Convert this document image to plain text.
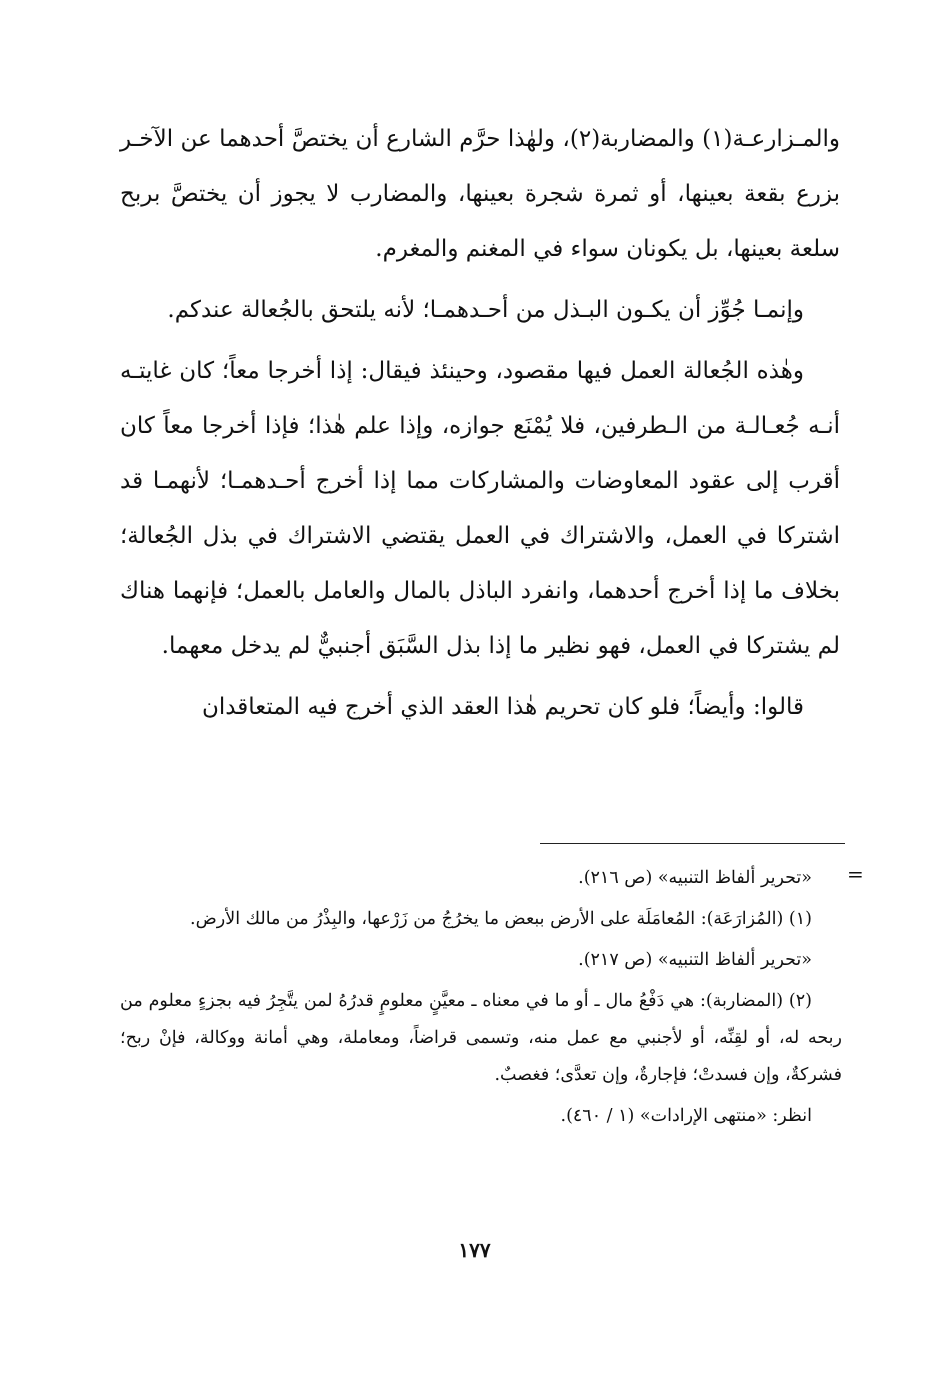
والمـزارعـة(١) والمضاربة(٢)، ولهٰذا حرَّم الشارع أن يختصَّ أحدهما عن الآخـر بزرع بقعة بعينها، أو ثمرة شجرة بعينها، والمضارب لا يجوز أن يختصَّ بربح سلعة بعينها، بل يكونان سواء في المغنم والمغرم.

وإنمـا جُوِّز أن يكـون البـذل من أحـدهمـا؛ لأنه يلتحق بالجُعالة عندكم.

وهٰذه الجُعالة العمل فيها مقصود، وحينئذ فيقال: إذا أخرجا معاً؛ كان غايتـه أنـه جُعـالـة من الـطرفين، فلا يُمْنَع جوازه، وإذا علم هٰذا؛ فإذا أخرجا معاً كان أقرب إلى عقود المعاوضات والمشاركات مما إذا أخرج أحـدهمـا؛ لأنهمـا قد اشتركا في العمل، والاشتراك في العمل يقتضي الاشتراك في بذل الجُعالة؛ بخلاف ما إذا أخرج أحدهما، وانفرد الباذل بالمال والعامل بالعمل؛ فإنهما هناك لم يشتركا في العمل، فهو نظير ما إذا بذل السَّبَق أجنبيٌّ لم يدخل معهما.

قالوا: وأيضاً؛ فلو كان تحريم هٰذا العقد الذي أخرج فيه المتعاقدان

=

«تحرير ألفاظ التنبيه» (ص ٢١٦).

(١) (المُزارَعَة): المُعامَلَة على الأرض ببعض ما يخرُجُ من زَرْعها، والبِذْرُ من مالك الأرض.

«تحرير ألفاظ التنبيه» (ص ٢١٧).

(٢) (المضاربة): هي دَفْعُ مال ـ أو ما في معناه ـ معيَّنٍ معلومٍ قدرُهُ لمن يتَّجِرُ فيه بجزءٍ معلوم من ربحه له، أو لقِنِّه، أو لأجنبي مع عمل منه، وتسمى قراضاً، ومعاملة، وهي أمانة ووكالة، فإنْ ربح؛ فشركةٌ، وإن فسدتْ؛ فإجارةٌ، وإن تعدَّى؛ فغصبٌ.

انظر: «منتهى الإرادات» (١ / ٤٦٠).

١٧٧
